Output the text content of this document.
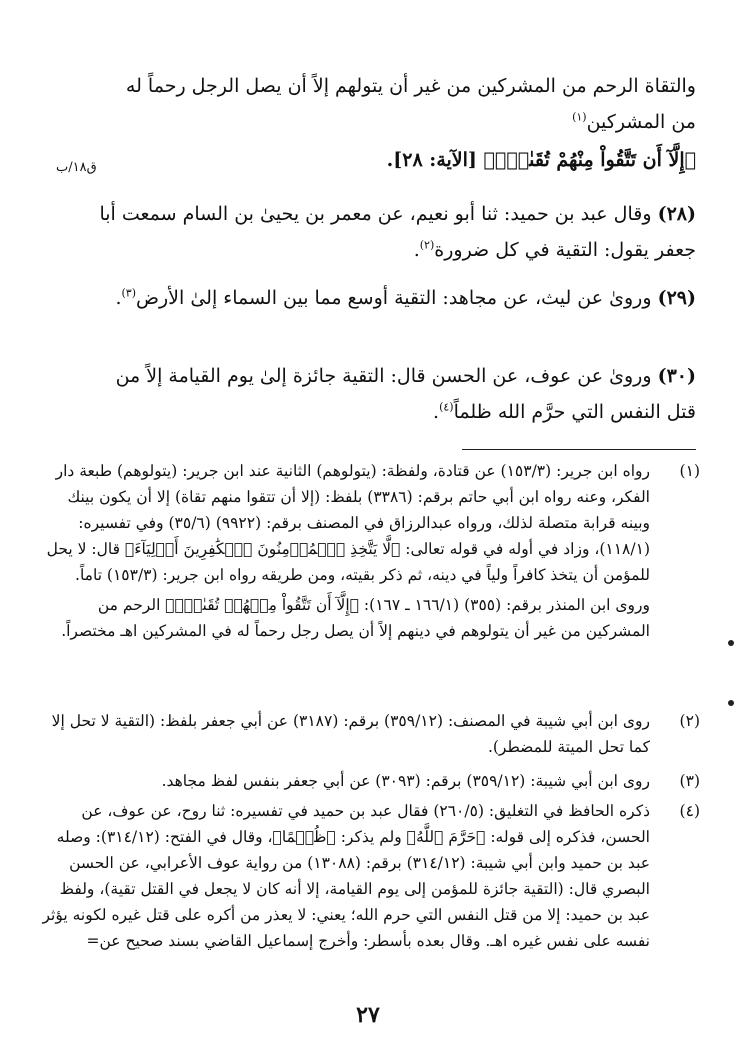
والتقاة الرحم من المشركين من غير أن يتولهم إلاً أن يصل الرجل رحماً له من المشركين$^{(١)}$

﴿إِلَّآ أَن تَتَّقُواْ مِنْهُمْ تُقَىٰةًۗ﴾ [الآية: ٢٨].

ق١٨/ب

(٢٨) وقال عبد بن حميد: ثنا أبو نعيم، عن معمر بن يحيىٰ بن السام سمعت أبا جعفر يقول: التقية في كل ضرورة$^{(٢)}$.

(٢٩) ورویٰ عن ليث، عن مجاهد: التقية أوسع مما بين السماء إلىٰ الأرض$^{(٣)}$.

(٣٠) ورویٰ عن عوف، عن الحسن قال: التقية جائزة إلىٰ يوم القيامة إلاً من قتل النفس التي حرَّم الله ظلماً$^{(٤)}$.

(١)
رواه ابن جرير: (١٥٣/٣) عن قتادة، ولفظة: (يتولوهم) الثانية عند ابن جرير: (يتولوهم) طبعة دار الفكر، وعنه رواه ابن أبي حاتم برقم: (٣٣٨٦) بلفظ: (إلا أن تتقوا منهم تقاة) إلا أن يكون بينك وبينه قرابة متصلة لذلك، ورواه عبدالرزاق في المصنف برقم: (٩٩٢٢) (٣٥/٦) وفي تفسيره: (١١٨/١)، وزاد في أوله في قوله تعالى: ﴿لَّا يَتَّخِذِ ٱلۡمُؤۡمِنُونَ ٱلۡكَٰفِرِينَ أَوۡلِيَآءَ﴾ قال: لا يحل للمؤمن أن يتخذ كافراً ولياً في دينه، ثم ذكر بقيته، ومن طريقه رواه ابن جرير: (١٥٣/٣) تاماً.
وروى ابن المنذر برقم: (٣٥٥) (١٦٦/١ ـ ١٦٧): ﴿إِلَّآ أَن تَتَّقُواْ مِنۡهُمۡ تُقَىٰةًۗ﴾ الرحم من المشركين من غير أن يتولوهم في دينهم إلاً أن يصل رجل رحماً له في المشركين اهـ مختصراً.
(٢)
روى ابن أبي شيبة في المصنف: (٣٥٩/١٢) برقم: (٣١٨٧) عن أبي جعفر بلفظ: (التقية لا تحل إلا كما تحل الميتة للمضطر).
(٣)
روى ابن أبي شيبة: (٣٥٩/١٢) برقم: (٣٠٩٣) عن أبي جعفر بنفس لفظ مجاهد.
(٤)
ذكره الحافظ في التغليق: (٢٦٠/٥) فقال عبد بن حميد في تفسيره: ثنا روح، عن عوف، عن الحسن، فذكره إلى قوله: ﴿حَرَّمَ ٱللَّهُ﴾ ولم يذكر: ﴿ظُلۡمًا﴾، وقال في الفتح: (٣١٤/١٢): وصله عبد بن حميد وابن أبي شيبة: (٣١٤/١٢) برقم: (١٣٠٨٨) من رواية عوف الأعرابي، عن الحسن البصري قال: (التقية جائزة للمؤمن إلى يوم القيامة، إلا أنه كان لا يجعل في القتل تقية)، ولفظ عبد بن حميد: إلا من قتل النفس التي حرم الله؛ يعني: لا يعذر من أكره على قتل غيره لكونه يؤثر نفسه على نفس غيره اهـ. وقال بعده بأسطر: وأخرج إسماعيل القاضي بسند صحيح عن=
٢٧
